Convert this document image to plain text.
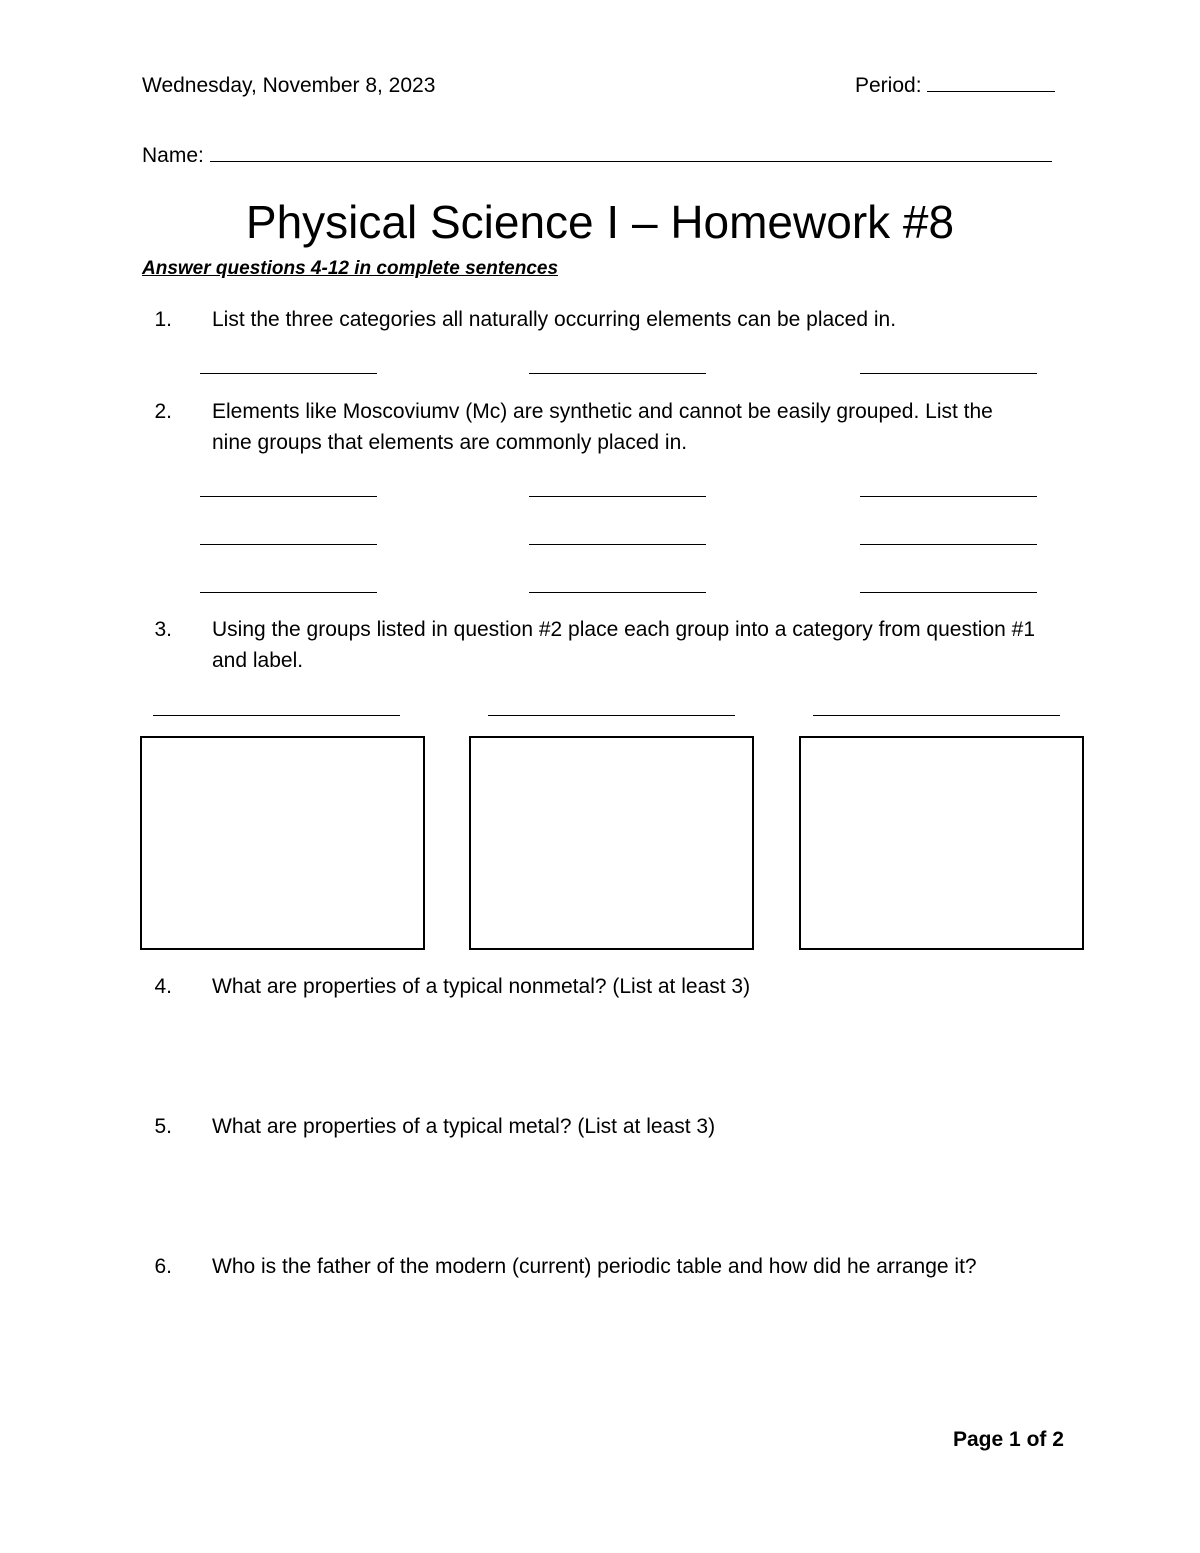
Wednesday, November 8, 2023	Period:
Name:
Physical Science I – Homework #8
Answer questions 4-12 in complete sentences
1. List the three categories all naturally occurring elements can be placed in.
2. Elements like Moscoviumv (Mc) are synthetic and cannot be easily grouped. List the
nine groups that elements are commonly placed in.
3. Using the groups listed in question #2 place each group into a category from question #1
and label.
4. What are properties of a typical nonmetal? (List at least 3)
5. What are properties of a typical metal? (List at least 3)
6. Who is the father of the modern (current) periodic table and how did he arrange it?
Page 1 of 2
